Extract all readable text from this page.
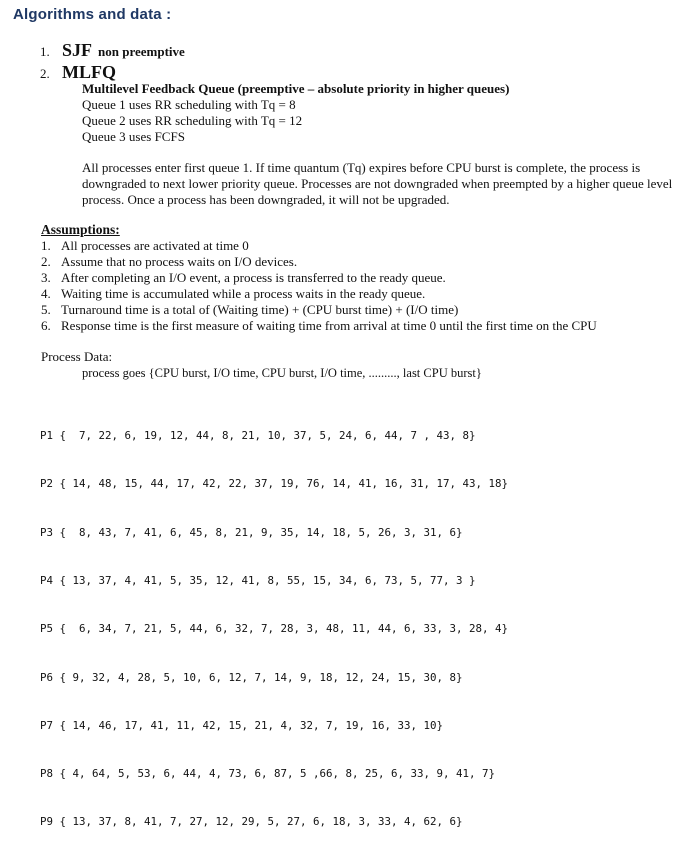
Algorithms and data :
1. SJF non preemptive
2. MLFQ
Multilevel Feedback Queue (preemptive – absolute priority in higher queues)
Queue 1 uses RR scheduling with Tq = 8
Queue 2 uses RR scheduling with Tq = 12
Queue 3 uses FCFS
All processes enter first queue 1. If time quantum (Tq) expires before CPU burst is complete, the process is downgraded to next lower priority queue. Processes are not downgraded when preempted by a higher queue level process. Once a process has been downgraded, it will not be upgraded.
Assumptions:
1. All processes are activated at time 0
2. Assume that no process waits on I/O devices.
3. After completing an I/O event, a process is transferred to the ready queue.
4. Waiting time is accumulated while a process waits in the ready queue.
5. Turnaround time is a total of (Waiting time) + (CPU burst time) + (I/O time)
6. Response time is the first measure of waiting time from arrival at time 0 until the first time on the CPU
Process Data:
process goes {CPU burst, I/O time, CPU burst, I/O time, ........., last CPU burst}

P1 {  7, 22, 6, 19, 12, 44, 8, 21, 10, 37, 5, 24, 6, 44, 7 , 43, 8}

P2 { 14, 48, 15, 44, 17, 42, 22, 37, 19, 76, 14, 41, 16, 31, 17, 43, 18}

P3 {  8, 43, 7, 41, 6, 45, 8, 21, 9, 35, 14, 18, 5, 26, 3, 31, 6}

P4 { 13, 37, 4, 41, 5, 35, 12, 41, 8, 55, 15, 34, 6, 73, 5, 77, 3 }

P5 {  6, 34, 7, 21, 5, 44, 6, 32, 7, 28, 3, 48, 11, 44, 6, 33, 3, 28, 4}

P6 { 9, 32, 4, 28, 5, 10, 6, 12, 7, 14, 9, 18, 12, 24, 15, 30, 8}

P7 { 14, 46, 17, 41, 11, 42, 15, 21, 4, 32, 7, 19, 16, 33, 10}

P8 { 4, 64, 5, 53, 6, 44, 4, 73, 6, 87, 5 ,66, 8, 25, 6, 33, 9, 41, 7}

P9 { 13, 37, 8, 41, 7, 27, 12, 29, 5, 27, 6, 18, 3, 33, 4, 62, 6}
